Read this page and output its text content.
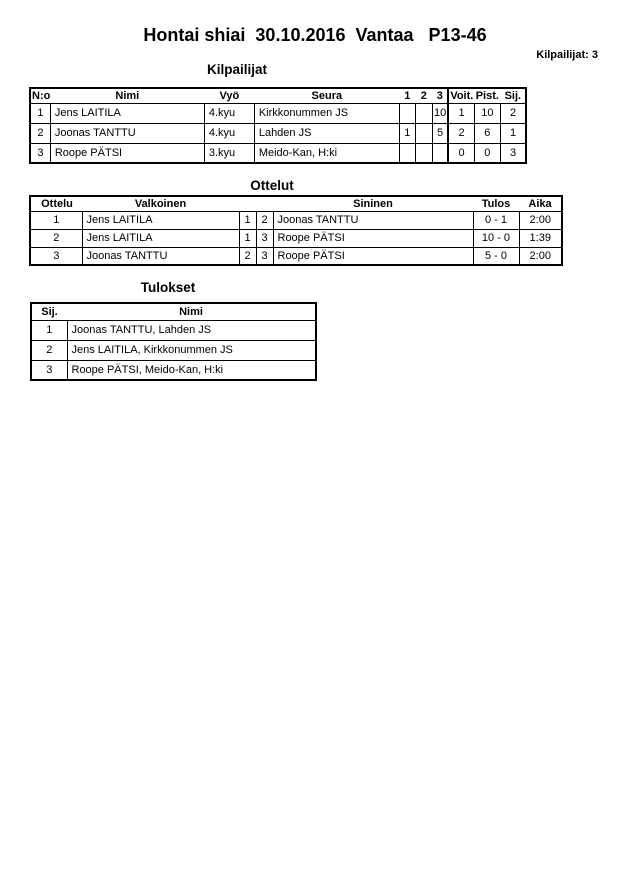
Hontai shiai  30.10.2016  Vantaa   P13-46
Kilpailijat: 3
Kilpailijat
N:o	Nimi	Vyö	Seura	1	2	3	Voit.	Pist.	Sij.
1	Jens LAITILA	4.kyu	Kirkkonummen JS			10	1	10	2
2	Joonas TANTTU	4.kyu	Lahden JS	1		5	2	6	1
3	Roope PÄTSI	3.kyu	Meido-Kan, H:ki				0	0	3
Ottelut
Ottelu	Valkoinen			Sininen	Tulos	Aika
1	Jens LAITILA	1	2	Joonas TANTTU	0 - 1	2:00
2	Jens LAITILA	1	3	Roope PÄTSI	10 - 0	1:39
3	Joonas TANTTU	2	3	Roope PÄTSI	5 - 0	2:00
Tulokset
Sij.	Nimi
1	Joonas TANTTU, Lahden JS
2	Jens LAITILA, Kirkkonummen JS
3	Roope PÄTSI, Meido-Kan, H:ki
